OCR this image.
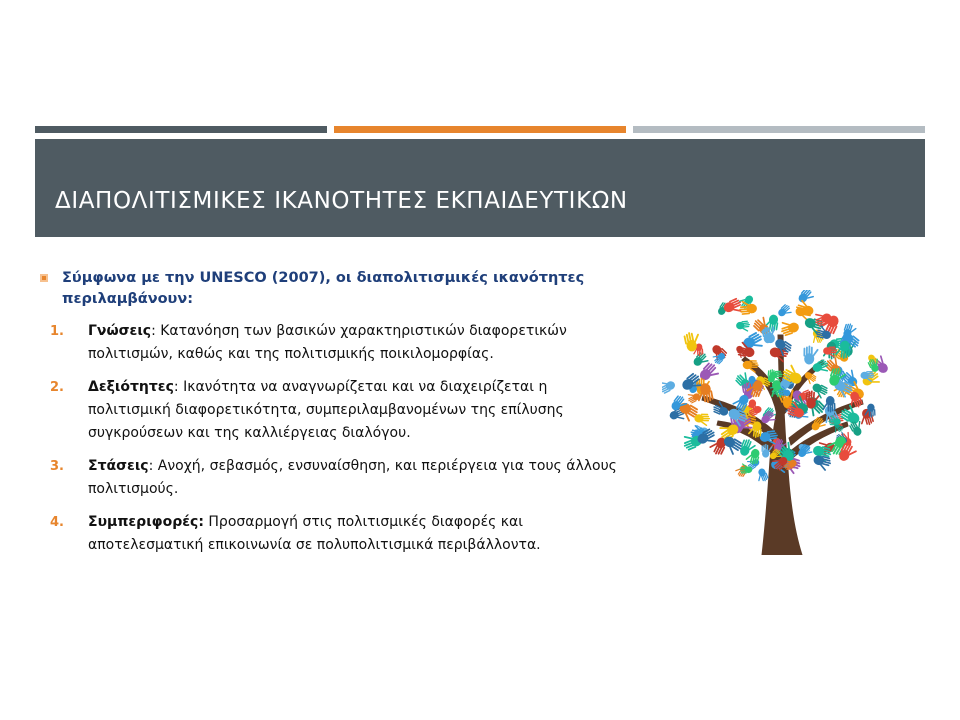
ΔΙΑΠΟΛΙΤΙΣΜΙΚΕΣ ΙΚΑΝΟΤΗΤΕΣ ΕΚΠΑΙΔΕΥΤΙΚΩΝ
Σύμφωνα με την UNESCO (2007), οι διαπολιτισμικές ικανότητες περιλαμβάνουν:
1. Γνώσεις: Κατανόηση των βασικών χαρακτηριστικών διαφορετικών πολιτισμών, καθώς και της πολιτισμικής ποικιλομορφίας.
2. Δεξιότητες: Ικανότητα να αναγνωρίζεται και να διαχειρίζεται η πολιτισμική διαφορετικότητα, συμπεριλαμβανομένων της επίλυσης συγκρούσεων και της καλλιέργειας διαλόγου.
3. Στάσεις: Ανοχή, σεβασμός, ενσυναίσθηση, και περιέργεια για τους άλλους πολιτισμούς.
4. Συμπεριφορές: Προσαρμογή στις πολιτισμικές διαφορές και αποτελεσματική επικοινωνία σε πολυπολιτισμικά περιβάλλοντα.
